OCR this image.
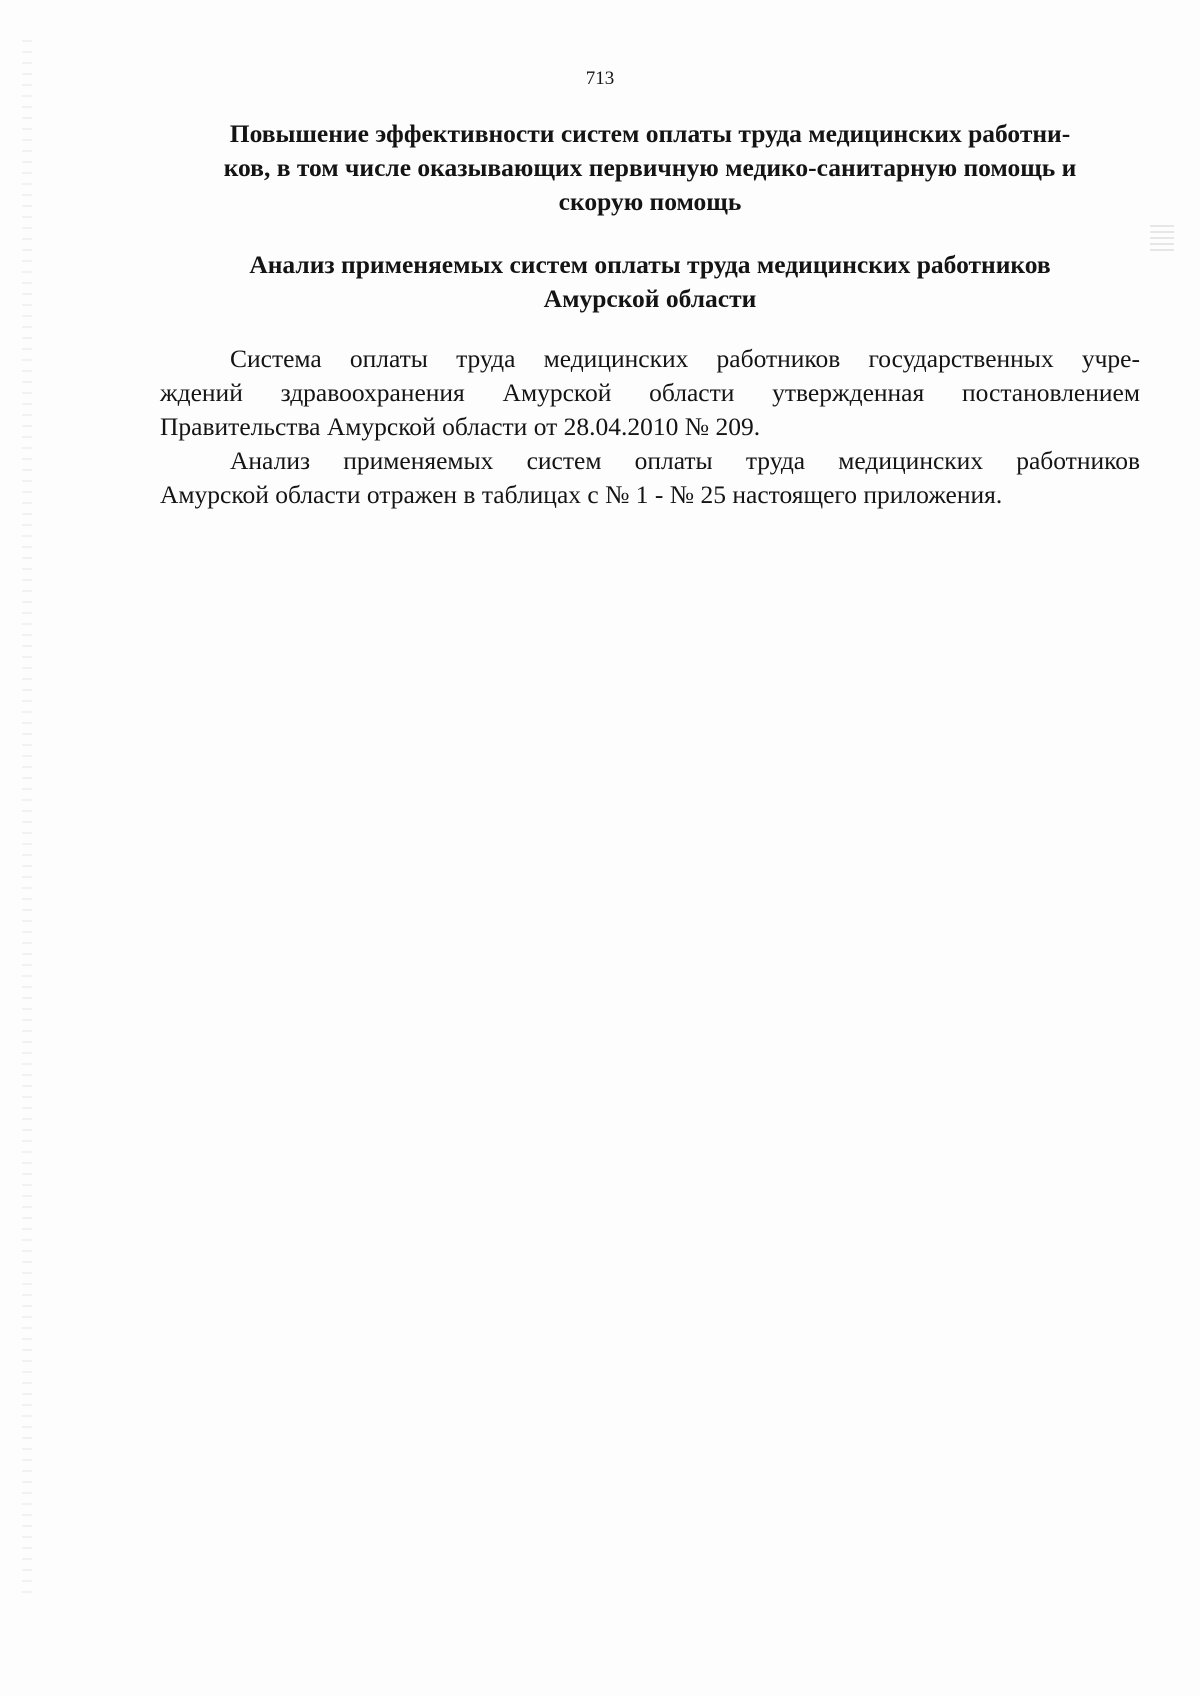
713
Повышение эффективности систем оплаты труда медицинских работни-
ков, в том числе оказывающих первичную медико-санитарную помощь и
скорую помощь
Анализ применяемых систем оплаты труда медицинских работников
Амурской области

Система оплаты труда медицинских работников государственных учре-
ждений здравоохранения Амурской области утвержденная постановлением
Правительства Амурской области от 28.04.2010 № 209.

Анализ применяемых систем оплаты труда медицинских работников
Амурской области отражен в таблицах с № 1 - № 25 настоящего приложения.
